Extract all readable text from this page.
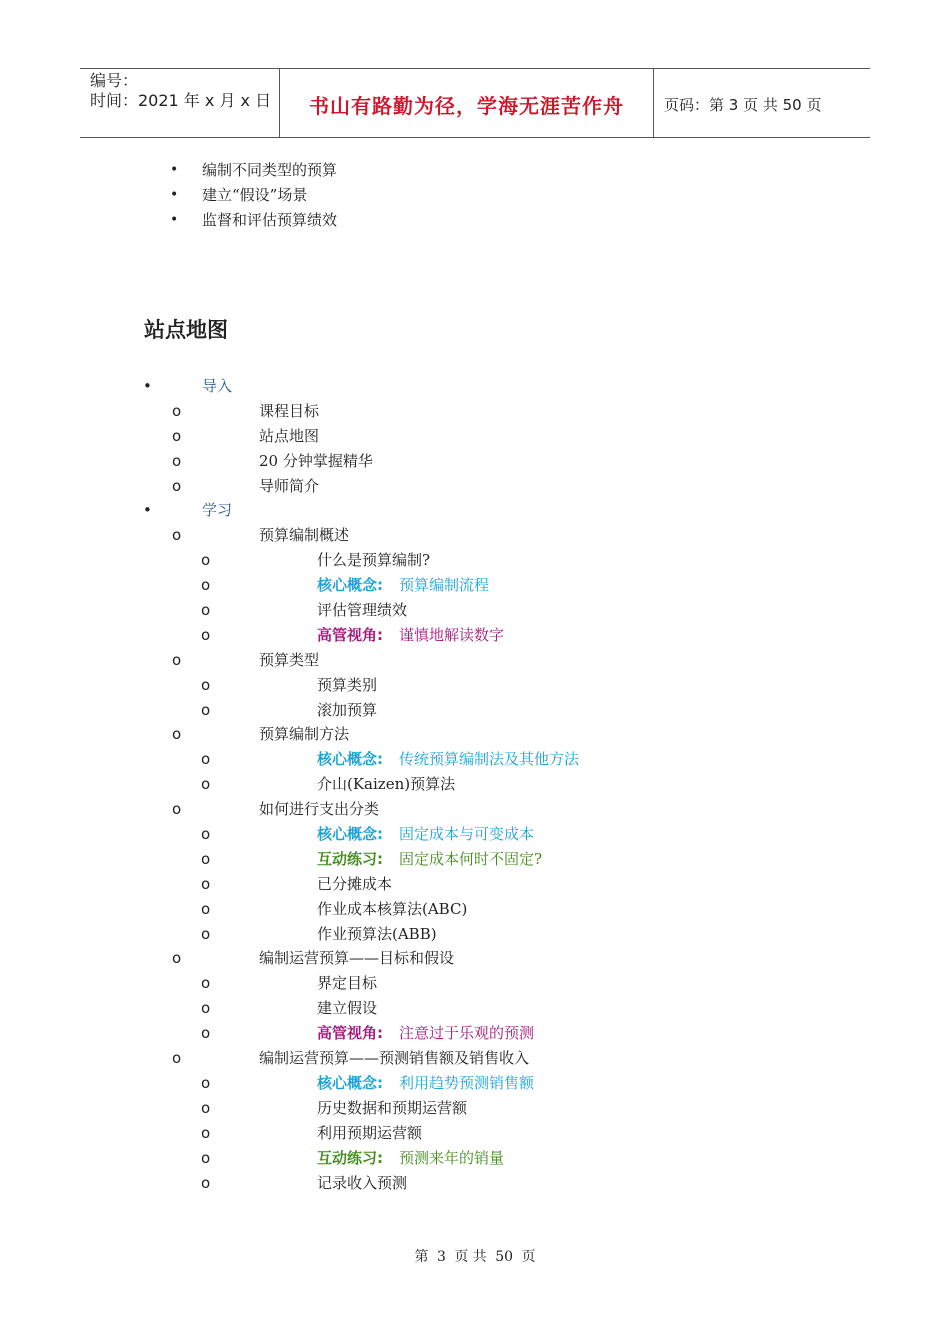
编号：
时间：2021 年 x 月 x 日	书山有路勤为径，学海无涯苦作舟	页码：第 3 页 共 50 页
• 编制不同类型的预算
• 建立“假设”场景
• 监督和评估预算绩效
站点地图
•	导入
o	课程目标
o	站点地图
o	20 分钟掌握精华
o	导师简介
•	学习
o	预算编制概述
o	什么是预算编制?
o	核心概念: 预算编制流程
o	评估管理绩效
o	高管视角: 谨慎地解读数字
o	预算类型
o	预算类别
o	滚加预算
o	预算编制方法
o	核心概念: 传统预算编制法及其他方法
o	介山(Kaizen)预算法
o	如何进行支出分类
o	核心概念: 固定成本与可变成本
o	互动练习: 固定成本何时不固定?
o	已分摊成本
o	作业成本核算法(ABC)
o	作业预算法(ABB)
o	编制运营预算——目标和假设
o	界定目标
o	建立假设
o	高管视角: 注意过于乐观的预测
o	编制运营预算——预测销售额及销售收入
o	核心概念: 利用趋势预测销售额
o	历史数据和预期运营额
o	利用预期运营额
o	互动练习: 预测来年的销量
o	记录收入预测
第 3 页 共 50 页
